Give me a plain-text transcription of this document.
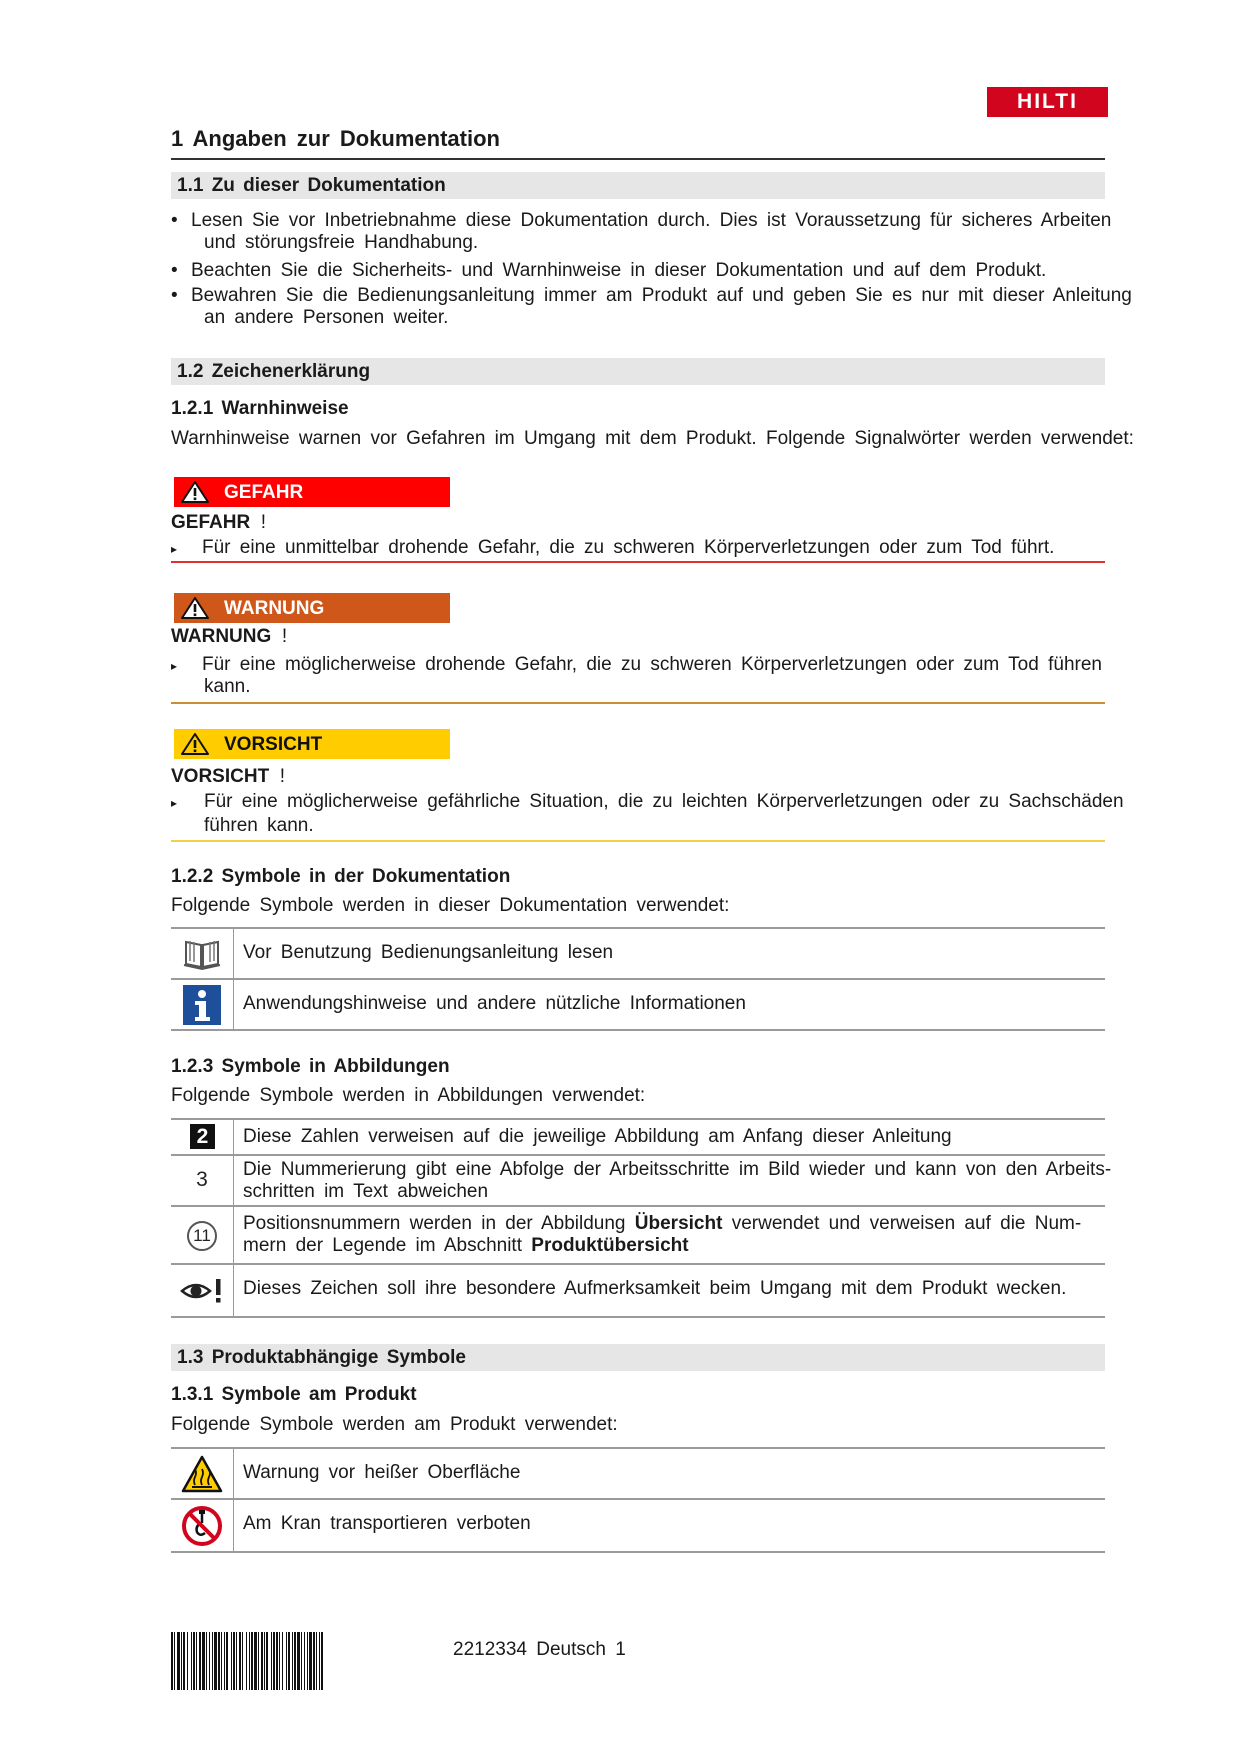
HILTI
1 Angaben zur Dokumentation
1.1 Zu dieser Dokumentation
• Lesen Sie vor Inbetriebnahme diese Dokumentation durch. Dies ist Voraussetzung für sicheres Arbeiten
und störungsfreie Handhabung.
• Beachten Sie die Sicherheits- und Warnhinweise in dieser Dokumentation und auf dem Produkt.
• Bewahren Sie die Bedienungsanleitung immer am Produkt auf und geben Sie es nur mit dieser Anleitung
an andere Personen weiter.
1.2 Zeichenerklärung
1.2.1 Warnhinweise
Warnhinweise warnen vor Gefahren im Umgang mit dem Produkt. Folgende Signalwörter werden verwendet:
GEFAHR
GEFAHR !
▸ Für eine unmittelbar drohende Gefahr, die zu schweren Körperverletzungen oder zum Tod führt.
WARNUNG
WARNUNG !
▸ Für eine möglicherweise drohende Gefahr, die zu schweren Körperverletzungen oder zum Tod führen
kann.
VORSICHT
VORSICHT !
▸ Für eine möglicherweise gefährliche Situation, die zu leichten Körperverletzungen oder zu Sachschäden
führen kann.
1.2.2 Symbole in der Dokumentation
Folgende Symbole werden in dieser Dokumentation verwendet:
Vor Benutzung Bedienungsanleitung lesen
Anwendungshinweise und andere nützliche Informationen
1.2.3 Symbole in Abbildungen
Folgende Symbole werden in Abbildungen verwendet:
2	Diese Zahlen verweisen auf die jeweilige Abbildung am Anfang dieser Anleitung
3	Die Nummerierung gibt eine Abfolge der Arbeitsschritte im Bild wieder und kann von den Arbeits-
schritten im Text abweichen
11
Positionsnummern werden in der Abbildung Übersicht verwendet und verweisen auf die Num-
mern der Legende im Abschnitt Produktübersicht
Dieses Zeichen soll ihre besondere Aufmerksamkeit beim Umgang mit dem Produkt wecken.
1.3 Produktabhängige Symbole
1.3.1 Symbole am Produkt
Folgende Symbole werden am Produkt verwendet:
Warnung vor heißer Oberfläche
Am Kran transportieren verboten
2212334 Deutsch 1
